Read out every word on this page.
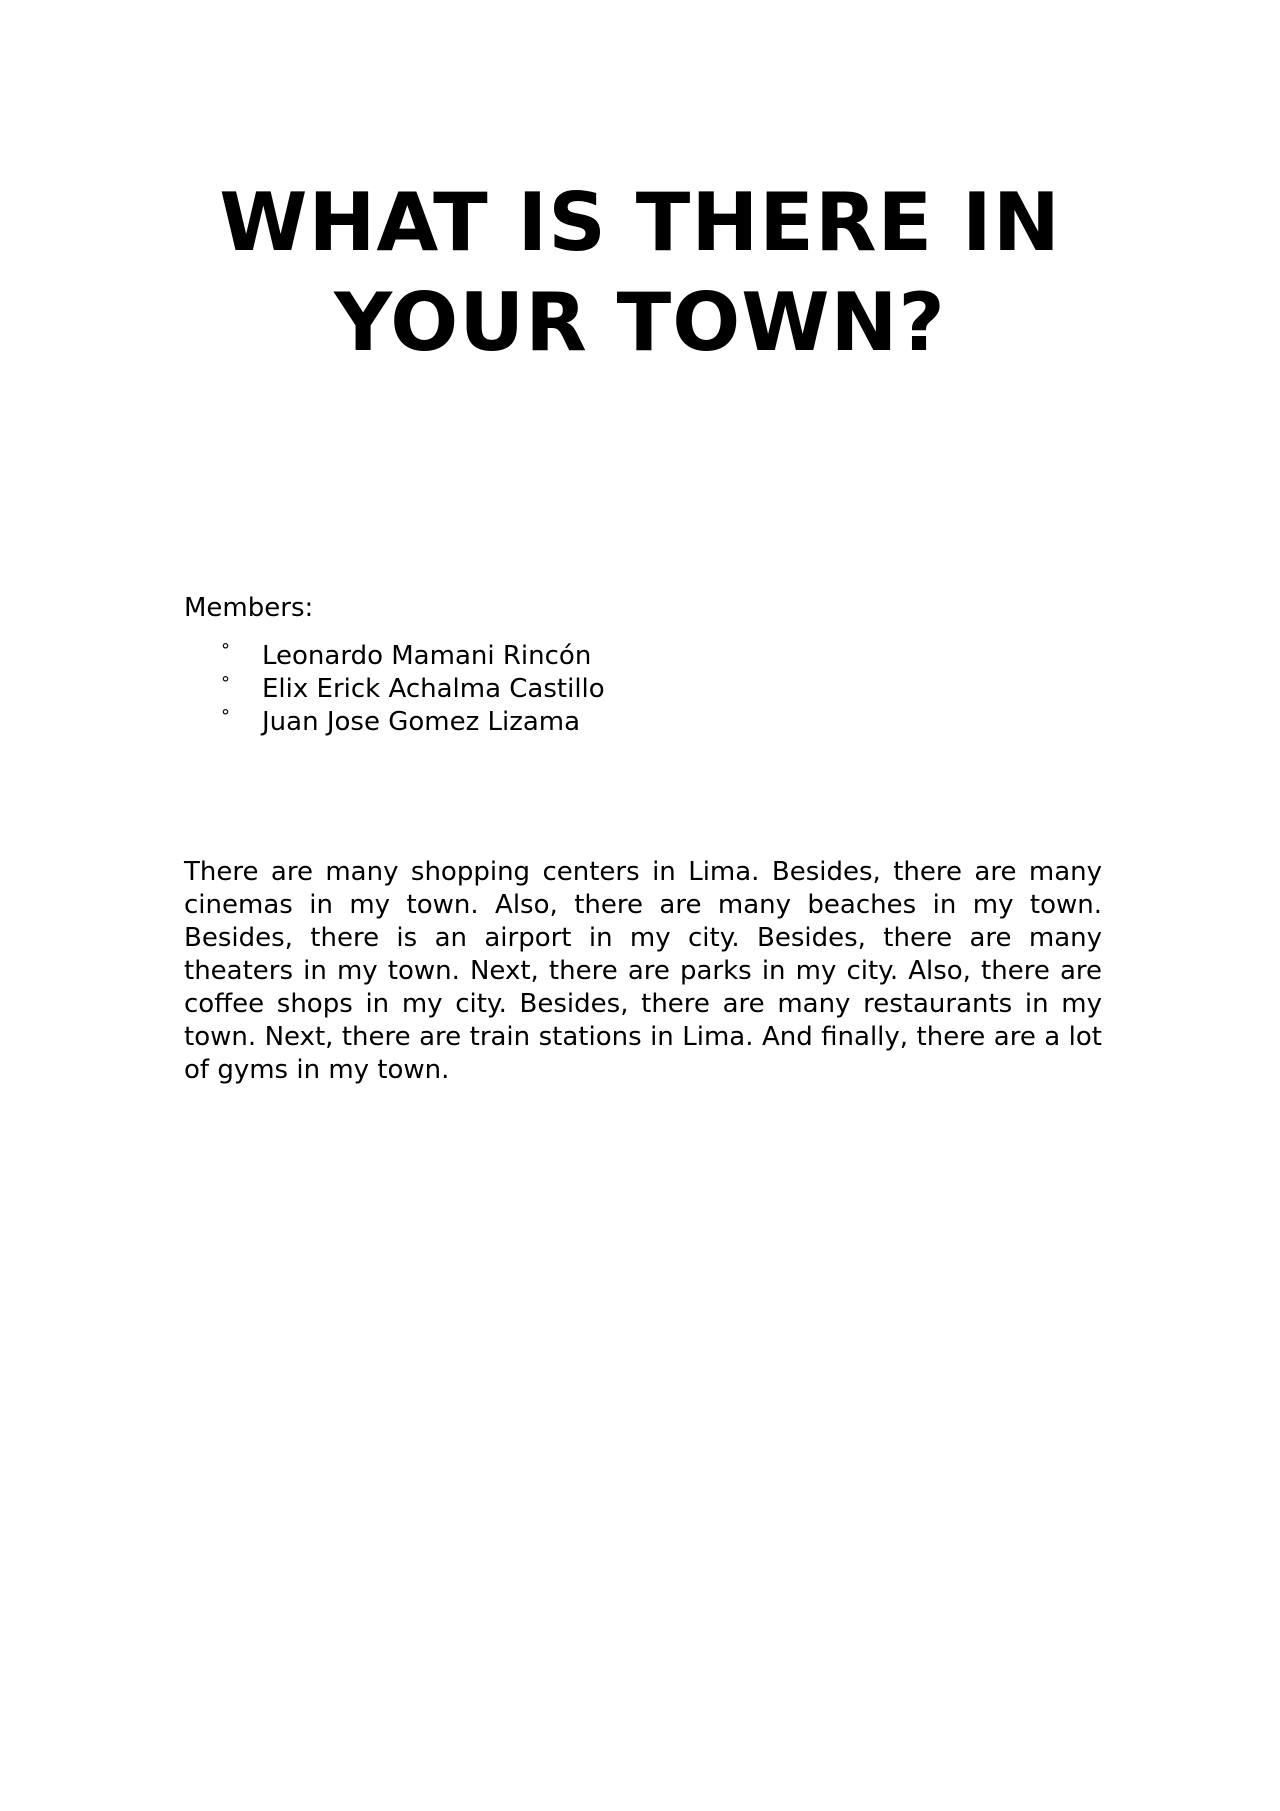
WHAT IS THERE IN
YOUR TOWN?

Members:

° Leonardo Mamani Rincón
° Elix Erick Achalma Castillo
° Juan Jose Gomez Lizama

There are many shopping centers in Lima. Besides, there are many cinemas in my town. Also, there are many beaches in my town. Besides, there is an airport in my city. Besides, there are many theaters in my town. Next, there are parks in my city. Also, there are coffee shops in my city. Besides, there are many restaurants in my town. Next, there are train stations in Lima. And finally, there are a lot of gyms in my town.
